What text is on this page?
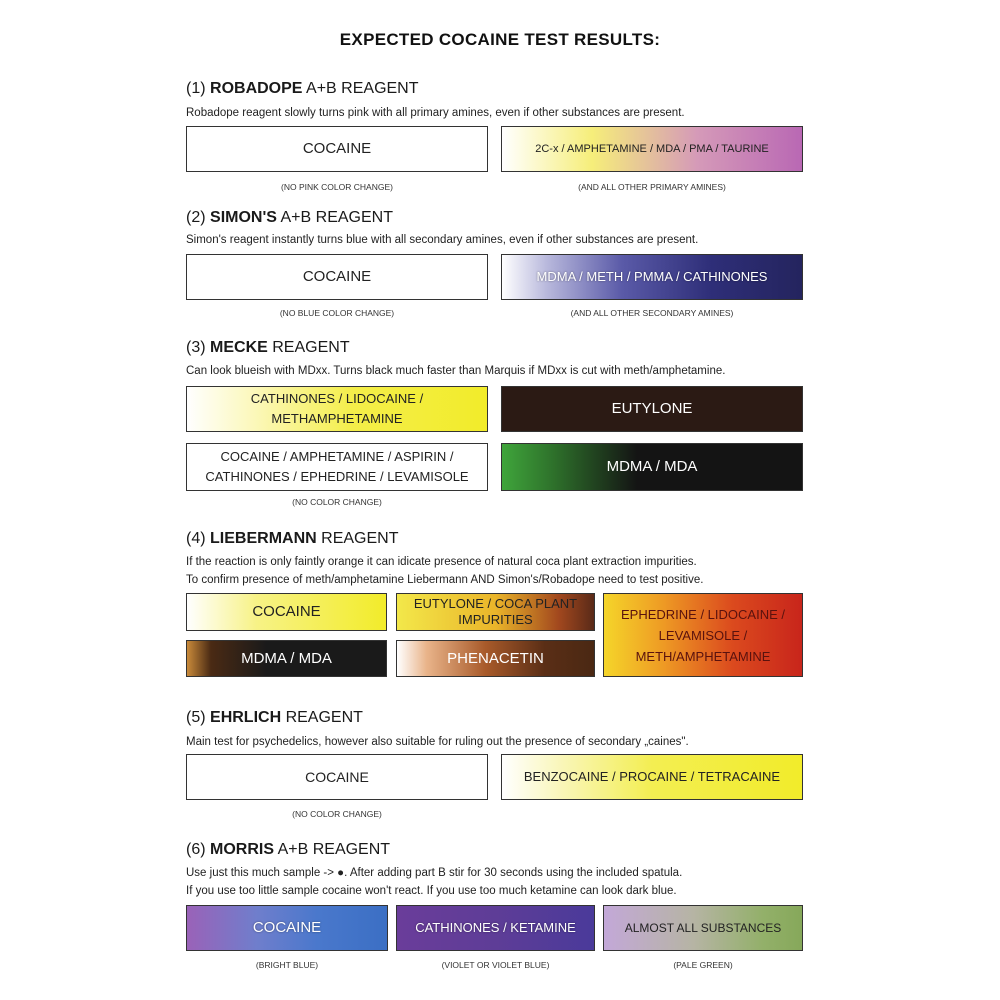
EXPECTED COCAINE TEST RESULTS:
(1) ROBADOPE A+B REAGENT
Robadope reagent slowly turns pink with all primary amines, even if other substances are present.
COCAINE	2C-x / AMPHETAMINE / MDA / PMA / TAURINE
(NO PINK COLOR CHANGE)	(AND ALL OTHER PRIMARY AMINES)
(2) SIMON'S A+B REAGENT
Simon's reagent instantly turns blue with all secondary amines, even if other substances are present.
COCAINE	MDMA / METH / PMMA / CATHINONES
(NO BLUE COLOR CHANGE)	(AND ALL OTHER SECONDARY AMINES)
(3) MECKE REAGENT
Can look blueish with MDxx. Turns black much faster than Marquis if MDxx is cut with meth/amphetamine.
CATHINONES / LIDOCAINE / METHAMPHETAMINE
EUTYLONE
COCAINE / AMPHETAMINE / ASPIRIN / CATHINONES / EPHEDRINE / LEVAMISOLE
MDMA / MDA
(NO COLOR CHANGE)
(4) LIEBERMANN REAGENT
If the reaction is only faintly orange it can idicate presence of natural coca plant extraction impurities.
To confirm presence of meth/amphetamine Liebermann AND Simon's/Robadope need to test positive.
COCAINE	EUTYLONE / COCA PLANT IMPURITIES	EPHEDRINE / LIDOCAINE / LEVAMISOLE / METH/AMPHETAMINE
MDMA / MDA	PHENACETIN
(5) EHRLICH REAGENT
Main test for psychedelics, however also suitable for ruling out the presence of secondary „caines".
COCAINE	BENZOCAINE / PROCAINE / TETRACAINE
(NO COLOR CHANGE)
(6) MORRIS A+B REAGENT
Use just this much sample -> ●. After adding part B stir for 30 seconds using the included spatula.
If you use too little sample cocaine won't react. If you use too much ketamine can look dark blue.
COCAINE	CATHINONES / KETAMINE	ALMOST ALL SUBSTANCES
(BRIGHT BLUE)	(VIOLET OR VIOLET BLUE)	(PALE GREEN)
